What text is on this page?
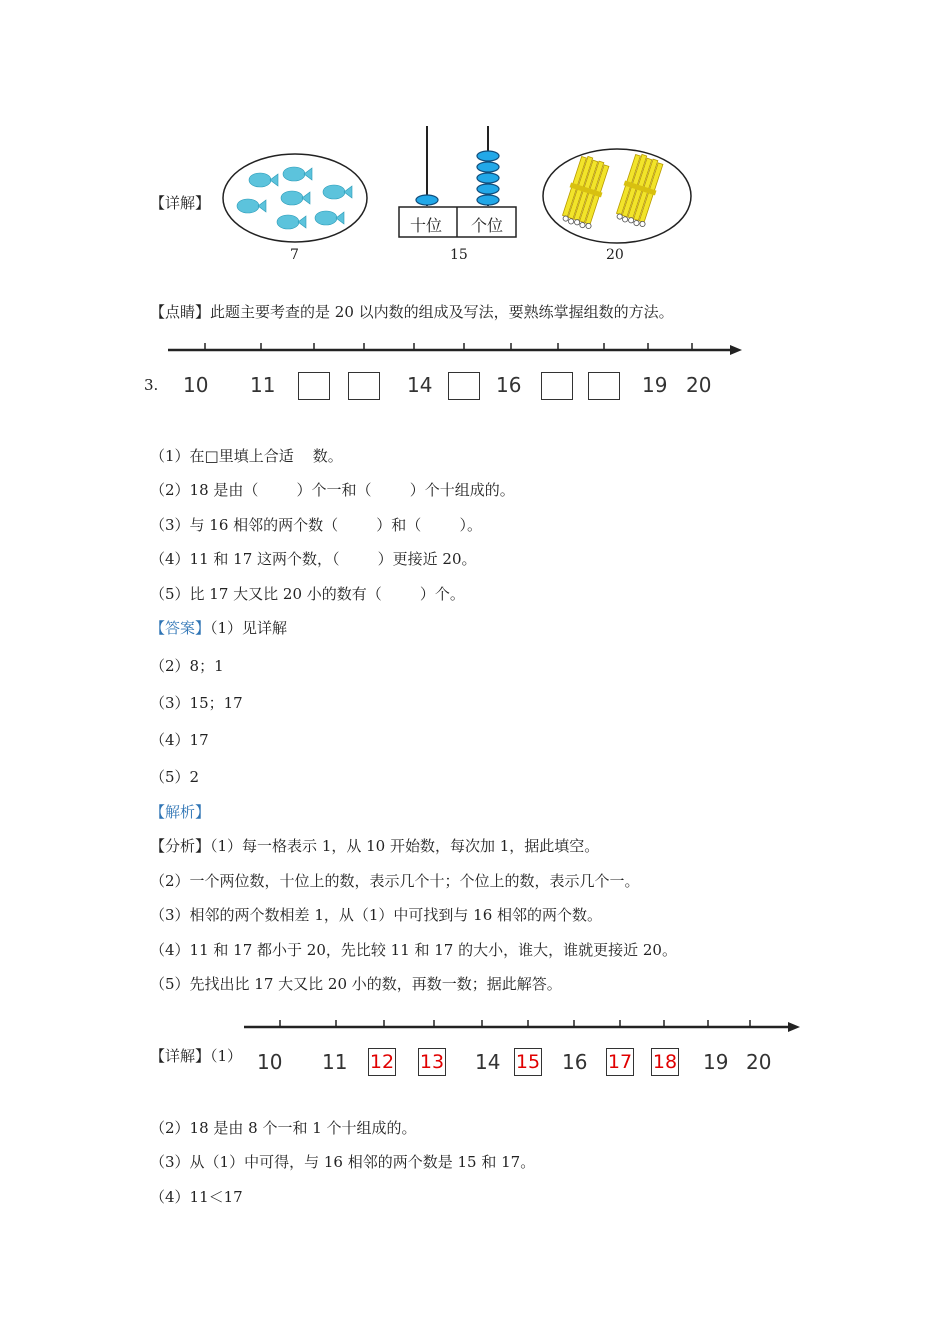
【详解】
7
十位 个位
15	20
【点睛】此题主要考查的是 20 以内数的组成及写法，要熟练掌握组数的方法。
3. 10 11	14	16	19 20
（1）在□里填上合适    数。
（2）18 是由（        ）个一和（        ）个十组成的。
（3）与 16 相邻的两个数（        ）和（        ）。
（4）11 和 17 这两个数，（        ）更接近 20。
（5）比 17 大又比 20 小的数有（        ）个。
【答案】（1）见详解
（2）8；1
（3）15；17
（4）17
（5）2
【解析】
【分析】（1）每一格表示 1，从 10 开始数，每次加 1，据此填空。
（2）一个两位数，十位上的数，表示几个十；个位上的数，表示几个一。
（3）相邻的两个数相差 1，从（1）中可找到与 16 相邻的两个数。
（4）11 和 17 都小于 20，先比较 11 和 17 的大小，谁大，谁就更接近 20。
（5）先找出比 17 大又比 20 小的数，再数一数；据此解答。
【详解】（1） 10 11 12 13 14 15 16 17 18 19 20
（2）18 是由 8 个一和 1 个十组成的。
（3）从（1）中可得，与 16 相邻的两个数是 15 和 17。
（4）11＜17
